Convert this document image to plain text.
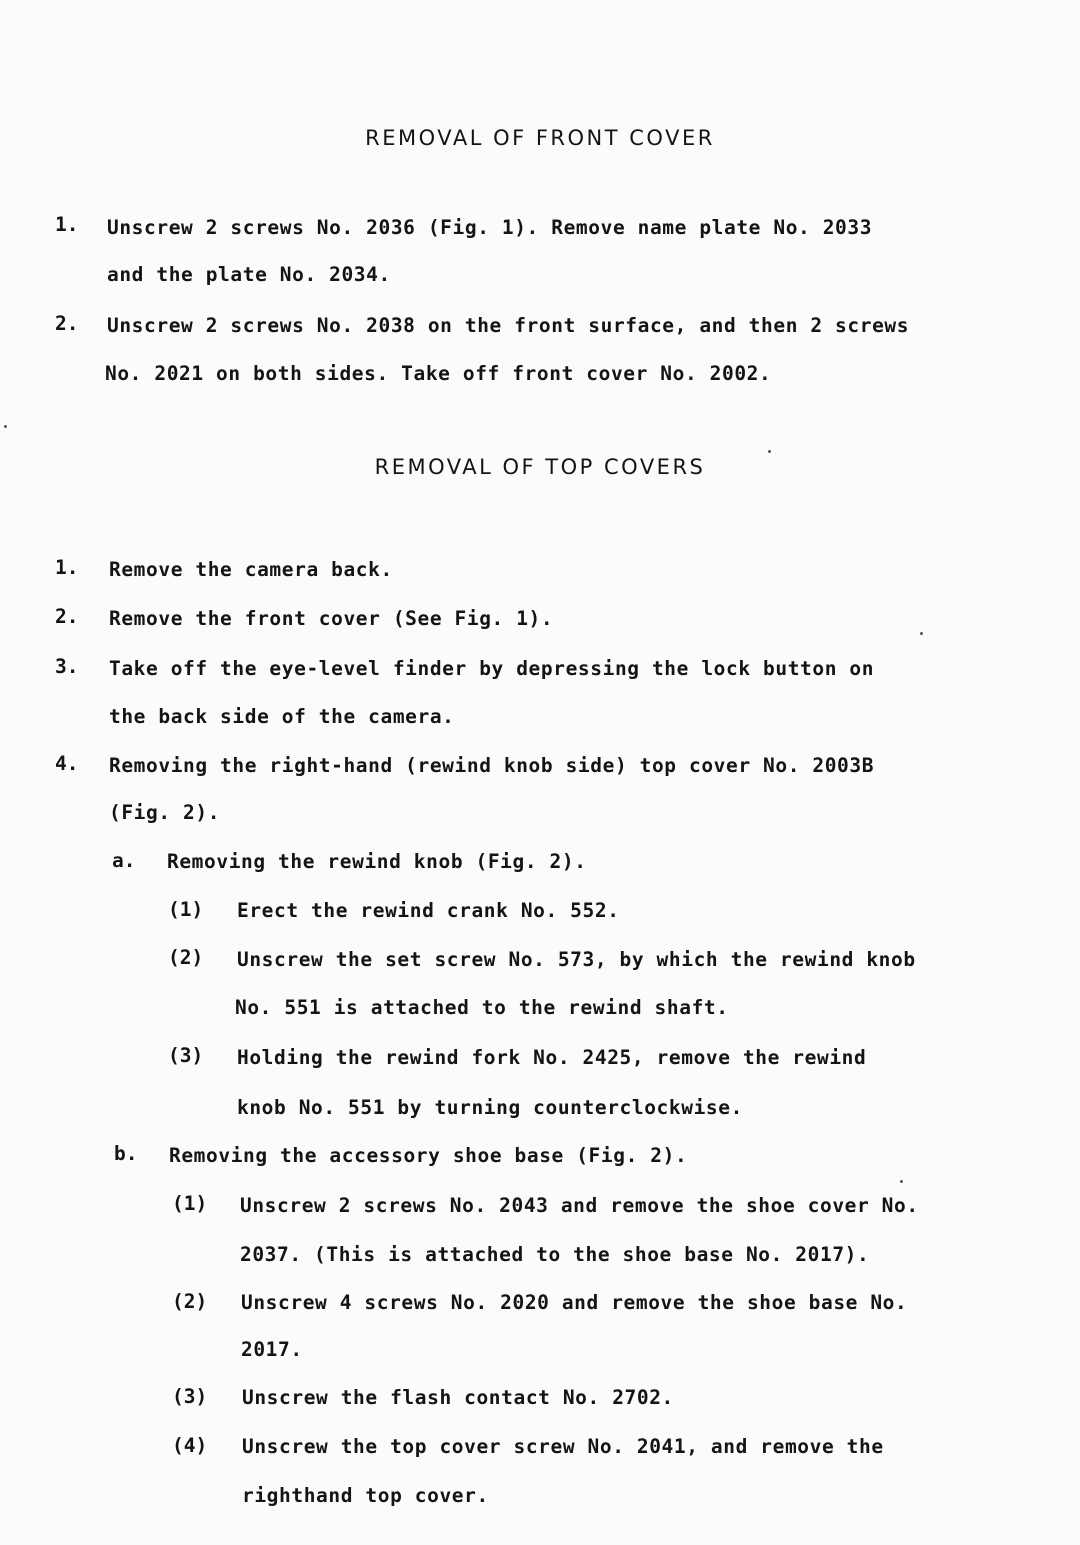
REMOVAL OF FRONT COVER
1. Unscrew 2 screws No. 2036 (Fig. 1). Remove name plate No. 2033
and the plate No. 2034.
2. Unscrew 2 screws No. 2038 on the front surface, and then 2 screws
No. 2021 on both sides. Take off front cover No. 2002.
REMOVAL OF TOP COVERS
1. Remove the camera back.
2. Remove the front cover (See Fig. 1).
3. Take off the eye-level finder by depressing the lock button on
the back side of the camera.
4. Removing the right-hand (rewind knob side) top cover No. 2003B
(Fig. 2).
a. Removing the rewind knob (Fig. 2).
(1) Erect the rewind crank No. 552.
(2) Unscrew the set screw No. 573, by which the rewind knob
No. 551 is attached to the rewind shaft.
(3) Holding the rewind fork No. 2425, remove the rewind
knob No. 551 by turning counterclockwise.
b. Removing the accessory shoe base (Fig. 2).
(1) Unscrew 2 screws No. 2043 and remove the shoe cover No.
2037. (This is attached to the shoe base No. 2017).
(2) Unscrew 4 screws No. 2020 and remove the shoe base No.
2017.
(3) Unscrew the flash contact No. 2702.
(4) Unscrew the top cover screw No. 2041, and remove the
righthand top cover.
